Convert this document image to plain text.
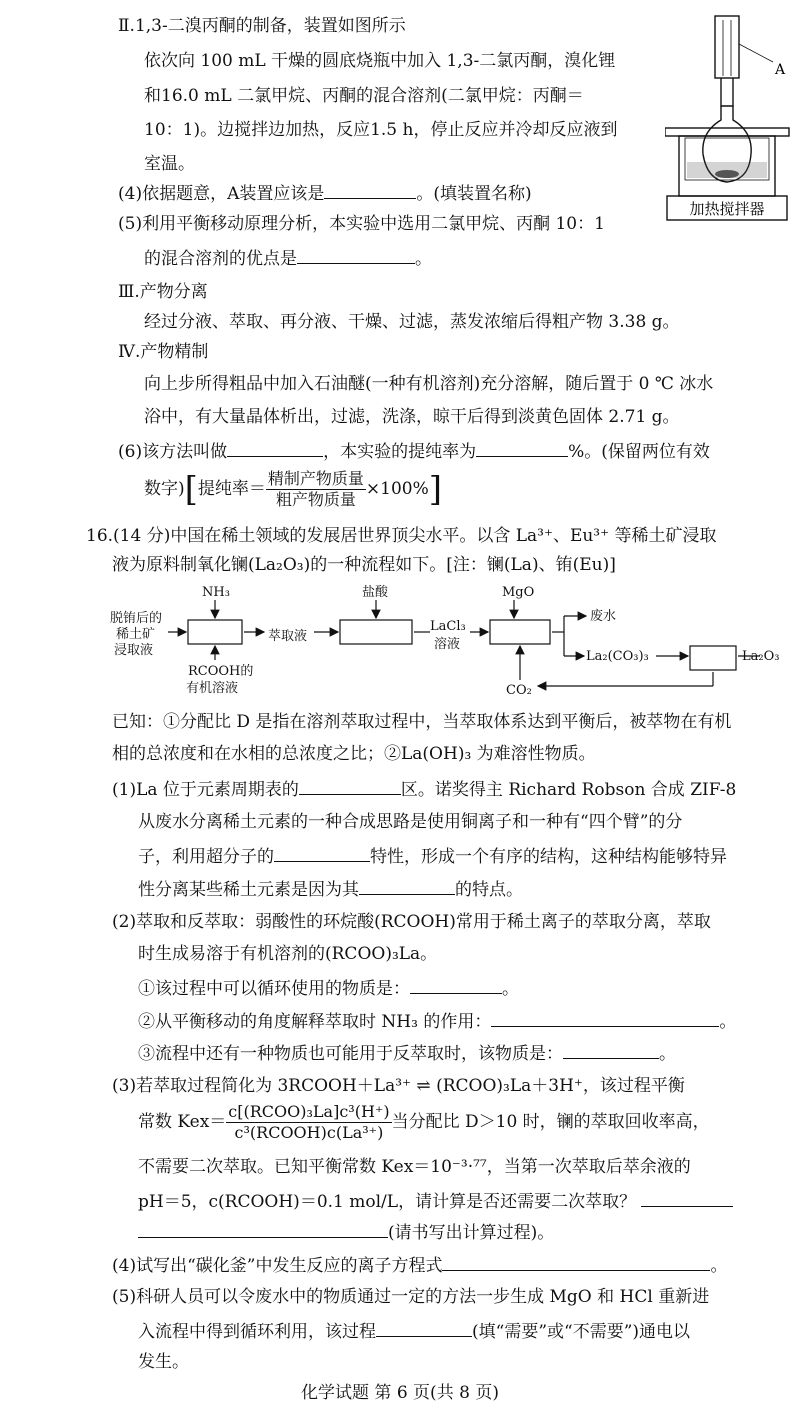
Ⅱ.1,3-二溴丙酮的制备，装置如图所示
依次向 100 mL 干燥的圆底烧瓶中加入 1,3-二氯丙酮，溴化锂
和16.0 mL 二氯甲烷、丙酮的混合溶剂(二氯甲烷：丙酮＝
10：1)。边搅拌边加热，反应1.5 h，停止反应并冷却反应液到
室温。
(4)依据题意，A装置应该是	。(填装置名称)
(5)利用平衡移动原理分析，本实验中选用二氯甲烷、丙酮 10：1
的混合溶剂的优点是	。
A
加热搅拌器
Ⅲ.产物分离
经过分液、萃取、再分液、干燥、过滤，蒸发浓缩后得粗产物 3.38 g。
Ⅳ.产物精制
向上步所得粗品中加入石油醚(一种有机溶剂)充分溶解，随后置于 0 ℃ 冰水
浴中，有大量晶体析出，过滤，洗涤，晾干后得到淡黄色固体 2.71 g。
(6)该方法叫做	，本实验的提纯率为	%。(保留两位有效
数字)[提纯率＝ $\frac{\text{精制产物质量}}{\text{粗产物质量}} \times 100\%$]
16.(14 分)中国在稀土领域的发展居世界顶尖水平。以含 La³⁺、Eu³⁺ 等稀土矿浸取
液为原料制氧化镧(La₂O₃)的一种流程如下。[注：镧(La)、铕(Eu)]
脱铕后的
稀土矿
浸取液
NH₃
RCOOH的
有机溶液
萃取液
盐酸
LaCl₃
溶液
MgO
CO₂
废水
La₂(CO₃)₃	La₂O₃
已知：①分配比 D 是指在溶剂萃取过程中，当萃取体系达到平衡后，被萃物在有机
相的总浓度和在水相的总浓度之比；②La(OH)₃ 为难溶性物质。
(1)La 位于元素周期表的	区。诺奖得主 Richard Robson 合成 ZIF-8
从废水分离稀土元素的一种合成思路是使用铜离子和一种有“四个臂”的分
子，利用超分子的	特性，形成一个有序的结构，这种结构能够特异
性分离某些稀土元素是因为其	的特点。
(2)萃取和反萃取：弱酸性的环烷酸(RCOOH)常用于稀土离子的萃取分离，萃取
时生成易溶于有机溶剂的(RCOO)₃La。
①该过程中可以循环使用的物质是：	。
②从平衡移动的角度解释萃取时 NH₃ 的作用：	。
③流程中还有一种物质也可能用于反萃取时，该物质是：	。
(3)若萃取过程简化为 3RCOOH＋La³⁺ ⇌ (RCOO)₃La＋3H⁺，该过程平衡
常数 $Kex= \frac{\text{c[(RCOO)₃La]c³(H⁺)}}{\text{c³(RCOOH)c(La³⁺)}}$ 当分配比 D＞10 时，镧的萃取回收率高，
不需要二次萃取。已知平衡常数 Kex＝10⁻³·⁷⁷，当第一次萃取后萃余液的
pH＝5，c(RCOOH)＝0.1 mol/L，请计算是否还需要二次萃取？
(请书写出计算过程)。
(4)试写出“碳化釜”中发生反应的离子方程式	。
(5)科研人员可以令废水中的物质通过一定的方法一步生成 MgO 和 HCl 重新进
入流程中得到循环利用，该过程	(填“需要”或“不需要”)通电以
发生。
化学试题 第 6 页(共 8 页)
